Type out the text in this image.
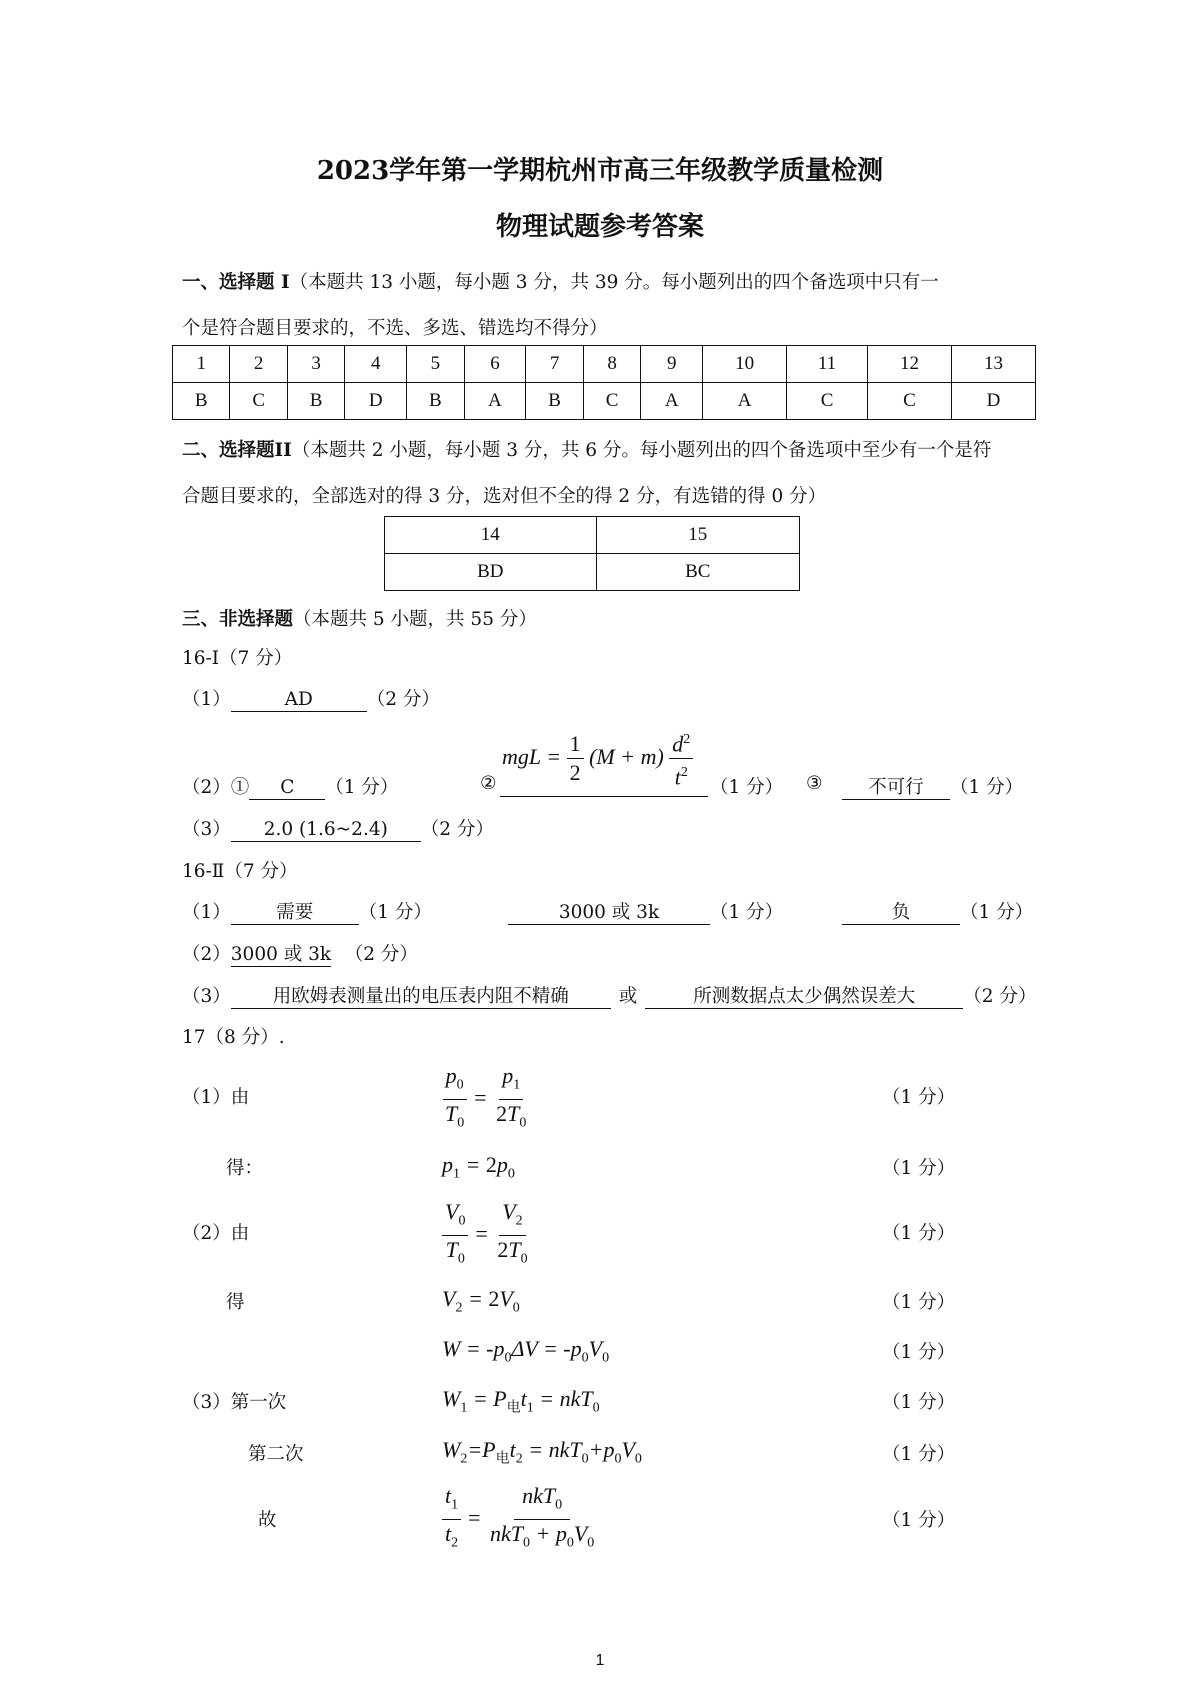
2023学年第一学期杭州市高三年级教学质量检测
物理试题参考答案
一、选择题 I（本题共 13 小题，每小题 3 分，共 39 分。每小题列出的四个备选项中只有一
个是符合题目要求的，不选、多选、错选均不得分）
1	2	3	4	5	6	7	8	9	10	11	12	13
B	C	B	D	B	A	B	C	A	A	C	C	D
二、选择题II（本题共 2 小题，每小题 3 分，共 6 分。每小题列出的四个备选项中至少有一个是符
合题目要求的，全部选对的得 3 分，选对但不全的得 2 分，有选错的得 0 分）
14	15
BD	BC
三、非选择题（本题共 5 小题，共 55 分）
16-I（7 分）
（1）	AD	（2 分）
（2）① C （1 分）	②
mgL = $\frac{1}{2} (M + m) \frac{d^2}{t^2} (1$ 分） ③	不可行 （1 分）
（3） 2.0 (1.6~2.4) （2 分）
16-Ⅱ（7 分）
（1） 需要 （1 分）	3000 或 3k	（1 分）	负	（1 分）
（2）3000 或 3k （2 分）
（3） 用欧姆表测量出的电压表内阻不精确	或	所测数据点太少偶然误差大	（2 分）
17（8 分）.
（1）由	$\frac{p_0}{T_0} = \frac{p_1}{2T_0}$	（1 分）
得：	$p_1 = 2p_0$	（1 分）
（2）由	$\frac{V_0}{T_0} = \frac{V_2}{2T_0}$	（1 分）
得	$V_2 = 2V_0$	（1 分）
$W = -p_0\Delta V = -p_0V_0$	（1 分）
（3）第一次	$W_1 = P_电t_1 = nkT_0$	（1 分）
第二次	$W_2=P_电t_2 = nkT_0+p_0V_0$	（1 分）
故	$\frac{t_1}{t_2} = \frac{nkT_0}{nkT_0 + p_0V_0}$	（1 分）
1
